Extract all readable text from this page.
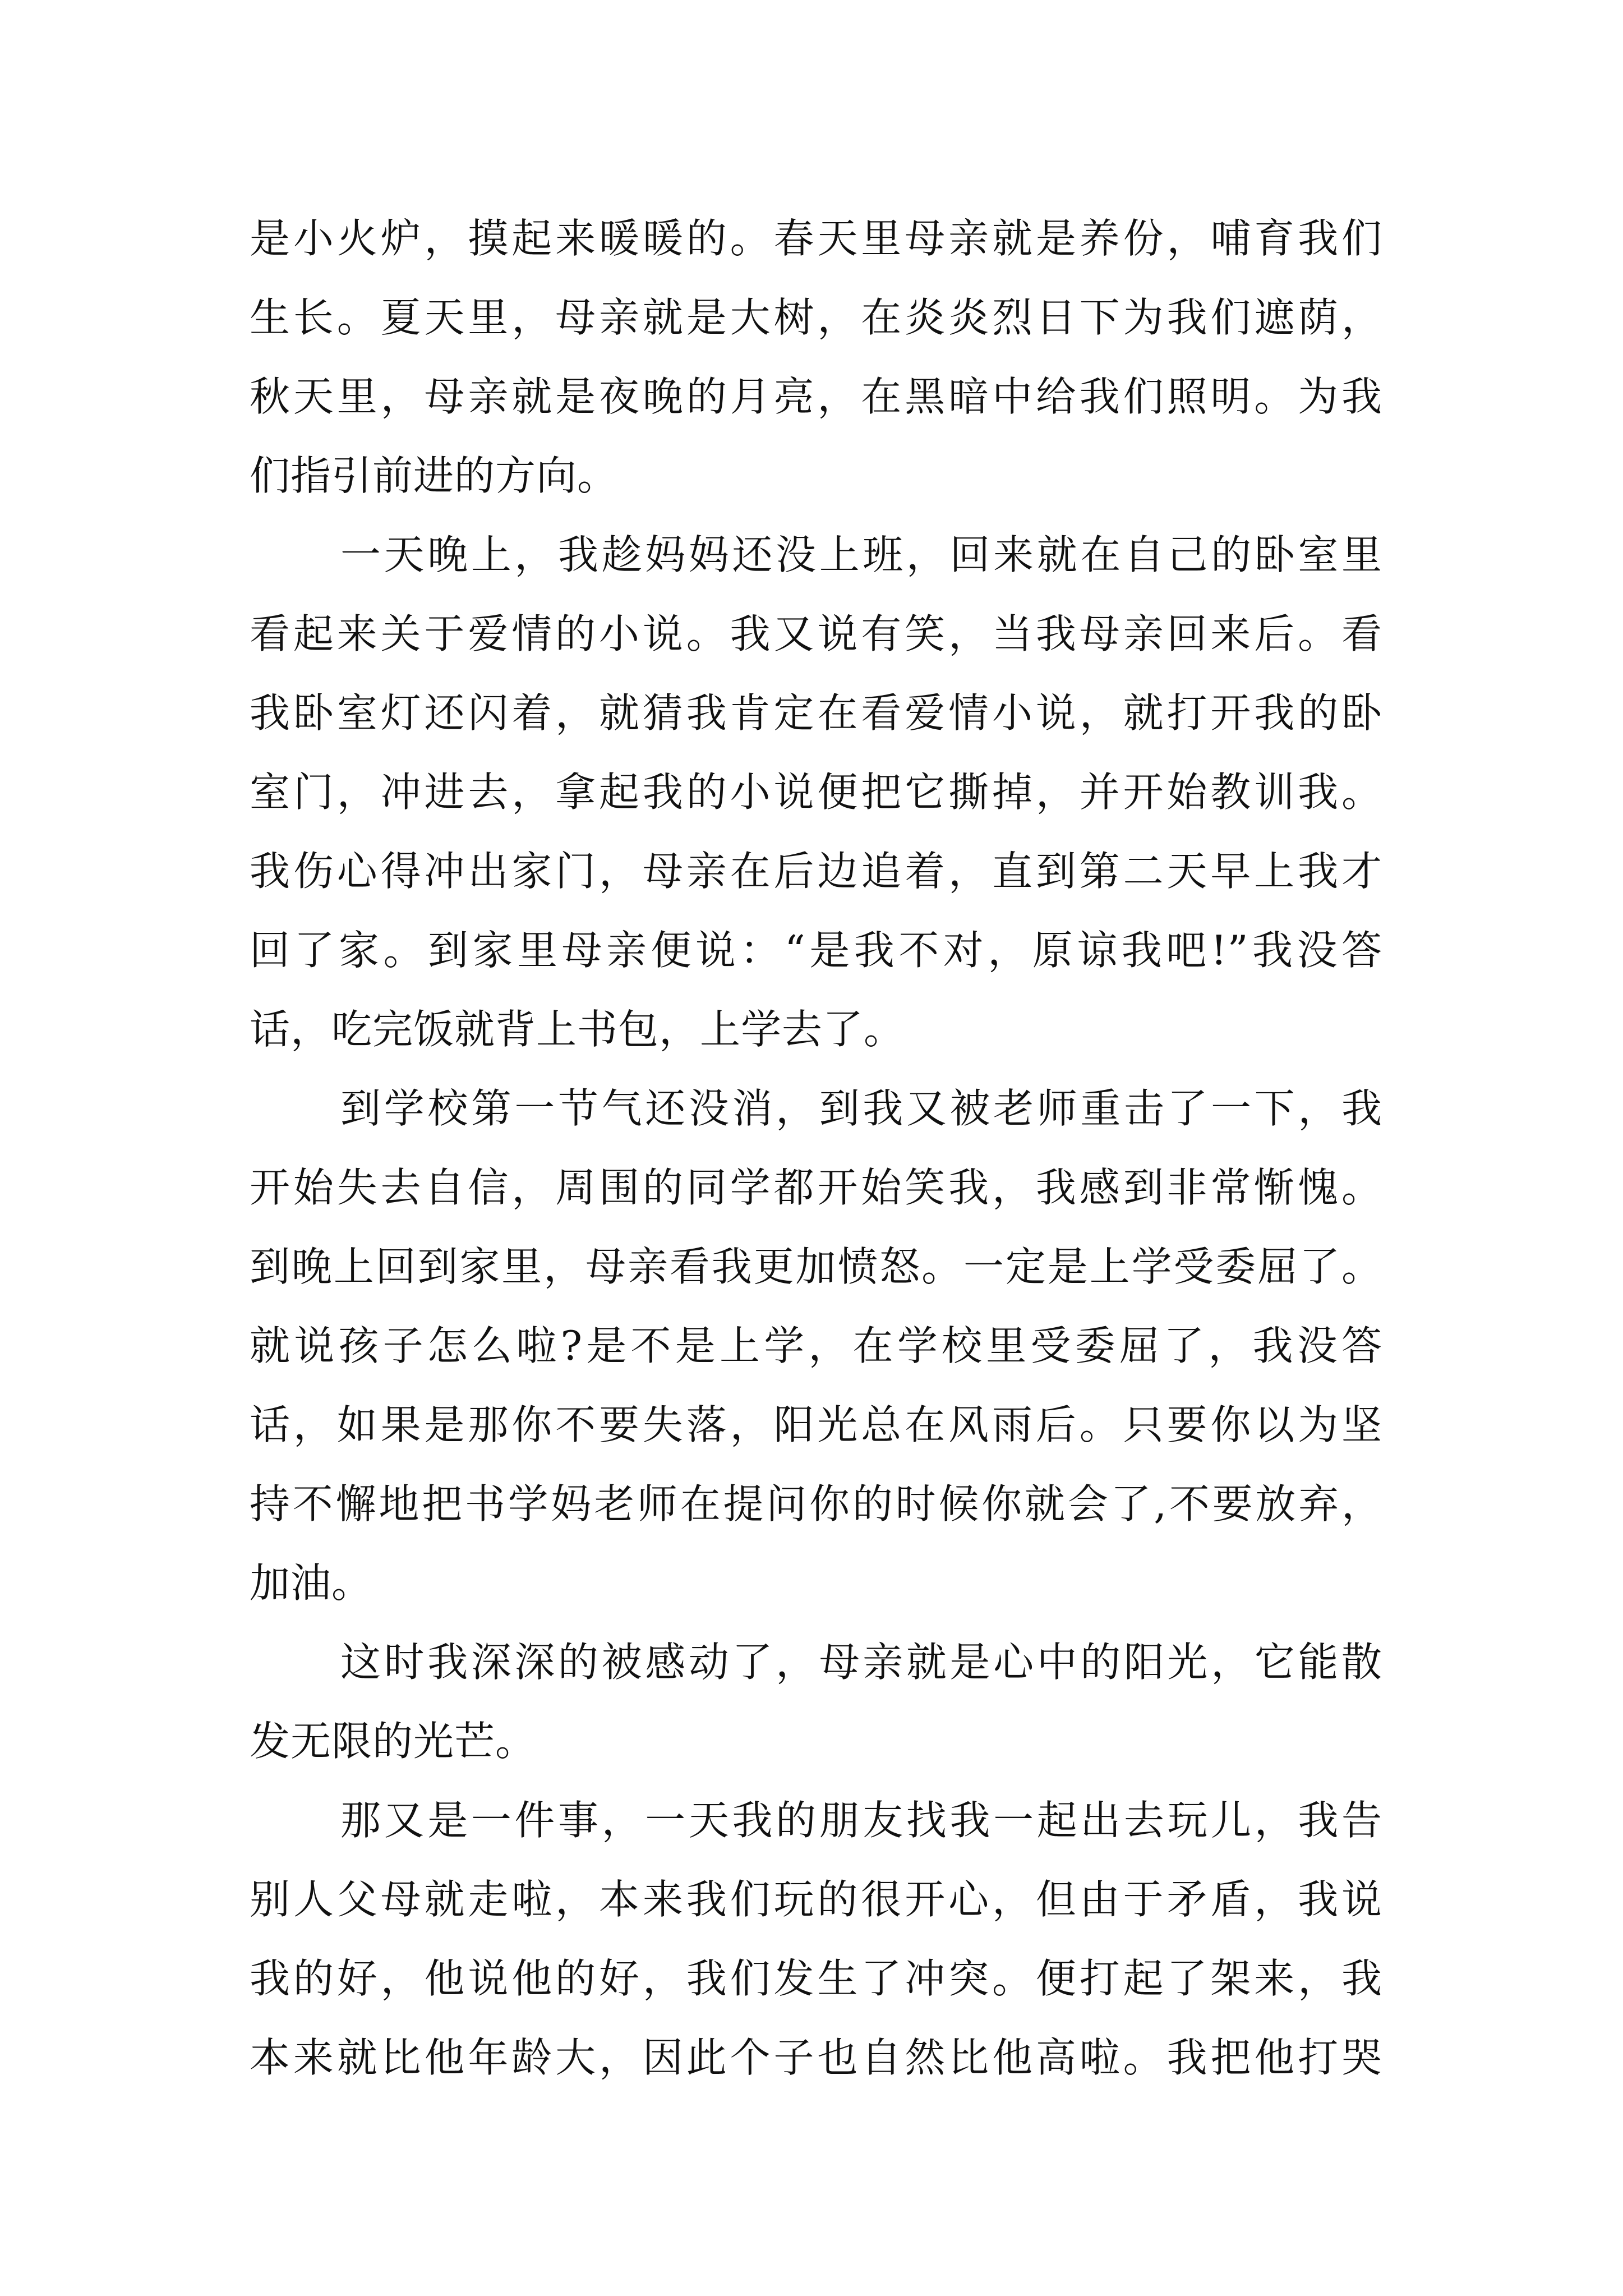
是小火炉，摸起来暖暖的。春天里母亲就是养份，哺育我们
生长。夏天里，母亲就是大树，在炎炎烈日下为我们遮荫，
秋天里，母亲就是夜晚的月亮，在黑暗中给我们照明。为我
们指引前进的方向。
一天晚上，我趁妈妈还没上班，回来就在自己的卧室里
看起来关于爱情的小说。我又说有笑，当我母亲回来后。看
我卧室灯还闪着，就猜我肯定在看爱情小说，就打开我的卧
室门，冲进去，拿起我的小说便把它撕掉，并开始教训我。
我伤心得冲出家门，母亲在后边追着，直到第二天早上我才
回了家。到家里母亲便说：“是我不对，原谅我吧!”我没答
话，吃完饭就背上书包，上学去了。
到学校第一节气还没消，到我又被老师重击了一下，我
开始失去自信，周围的同学都开始笑我，我感到非常惭愧。
到晚上回到家里，母亲看我更加愤怒。一定是上学受委屈了。
就说孩子怎么啦?是不是上学，在学校里受委屈了，我没答
话，如果是那你不要失落，阳光总在风雨后。只要你以为坚
持不懈地把书学妈老师在提问你的时候你就会了,不要放弃，
加油。
这时我深深的被感动了，母亲就是心中的阳光，它能散
发无限的光芒。
那又是一件事，一天我的朋友找我一起出去玩儿，我告
别人父母就走啦，本来我们玩的很开心，但由于矛盾，我说
我的好，他说他的好，我们发生了冲突。便打起了架来，我
本来就比他年龄大，因此个子也自然比他高啦。我把他打哭
